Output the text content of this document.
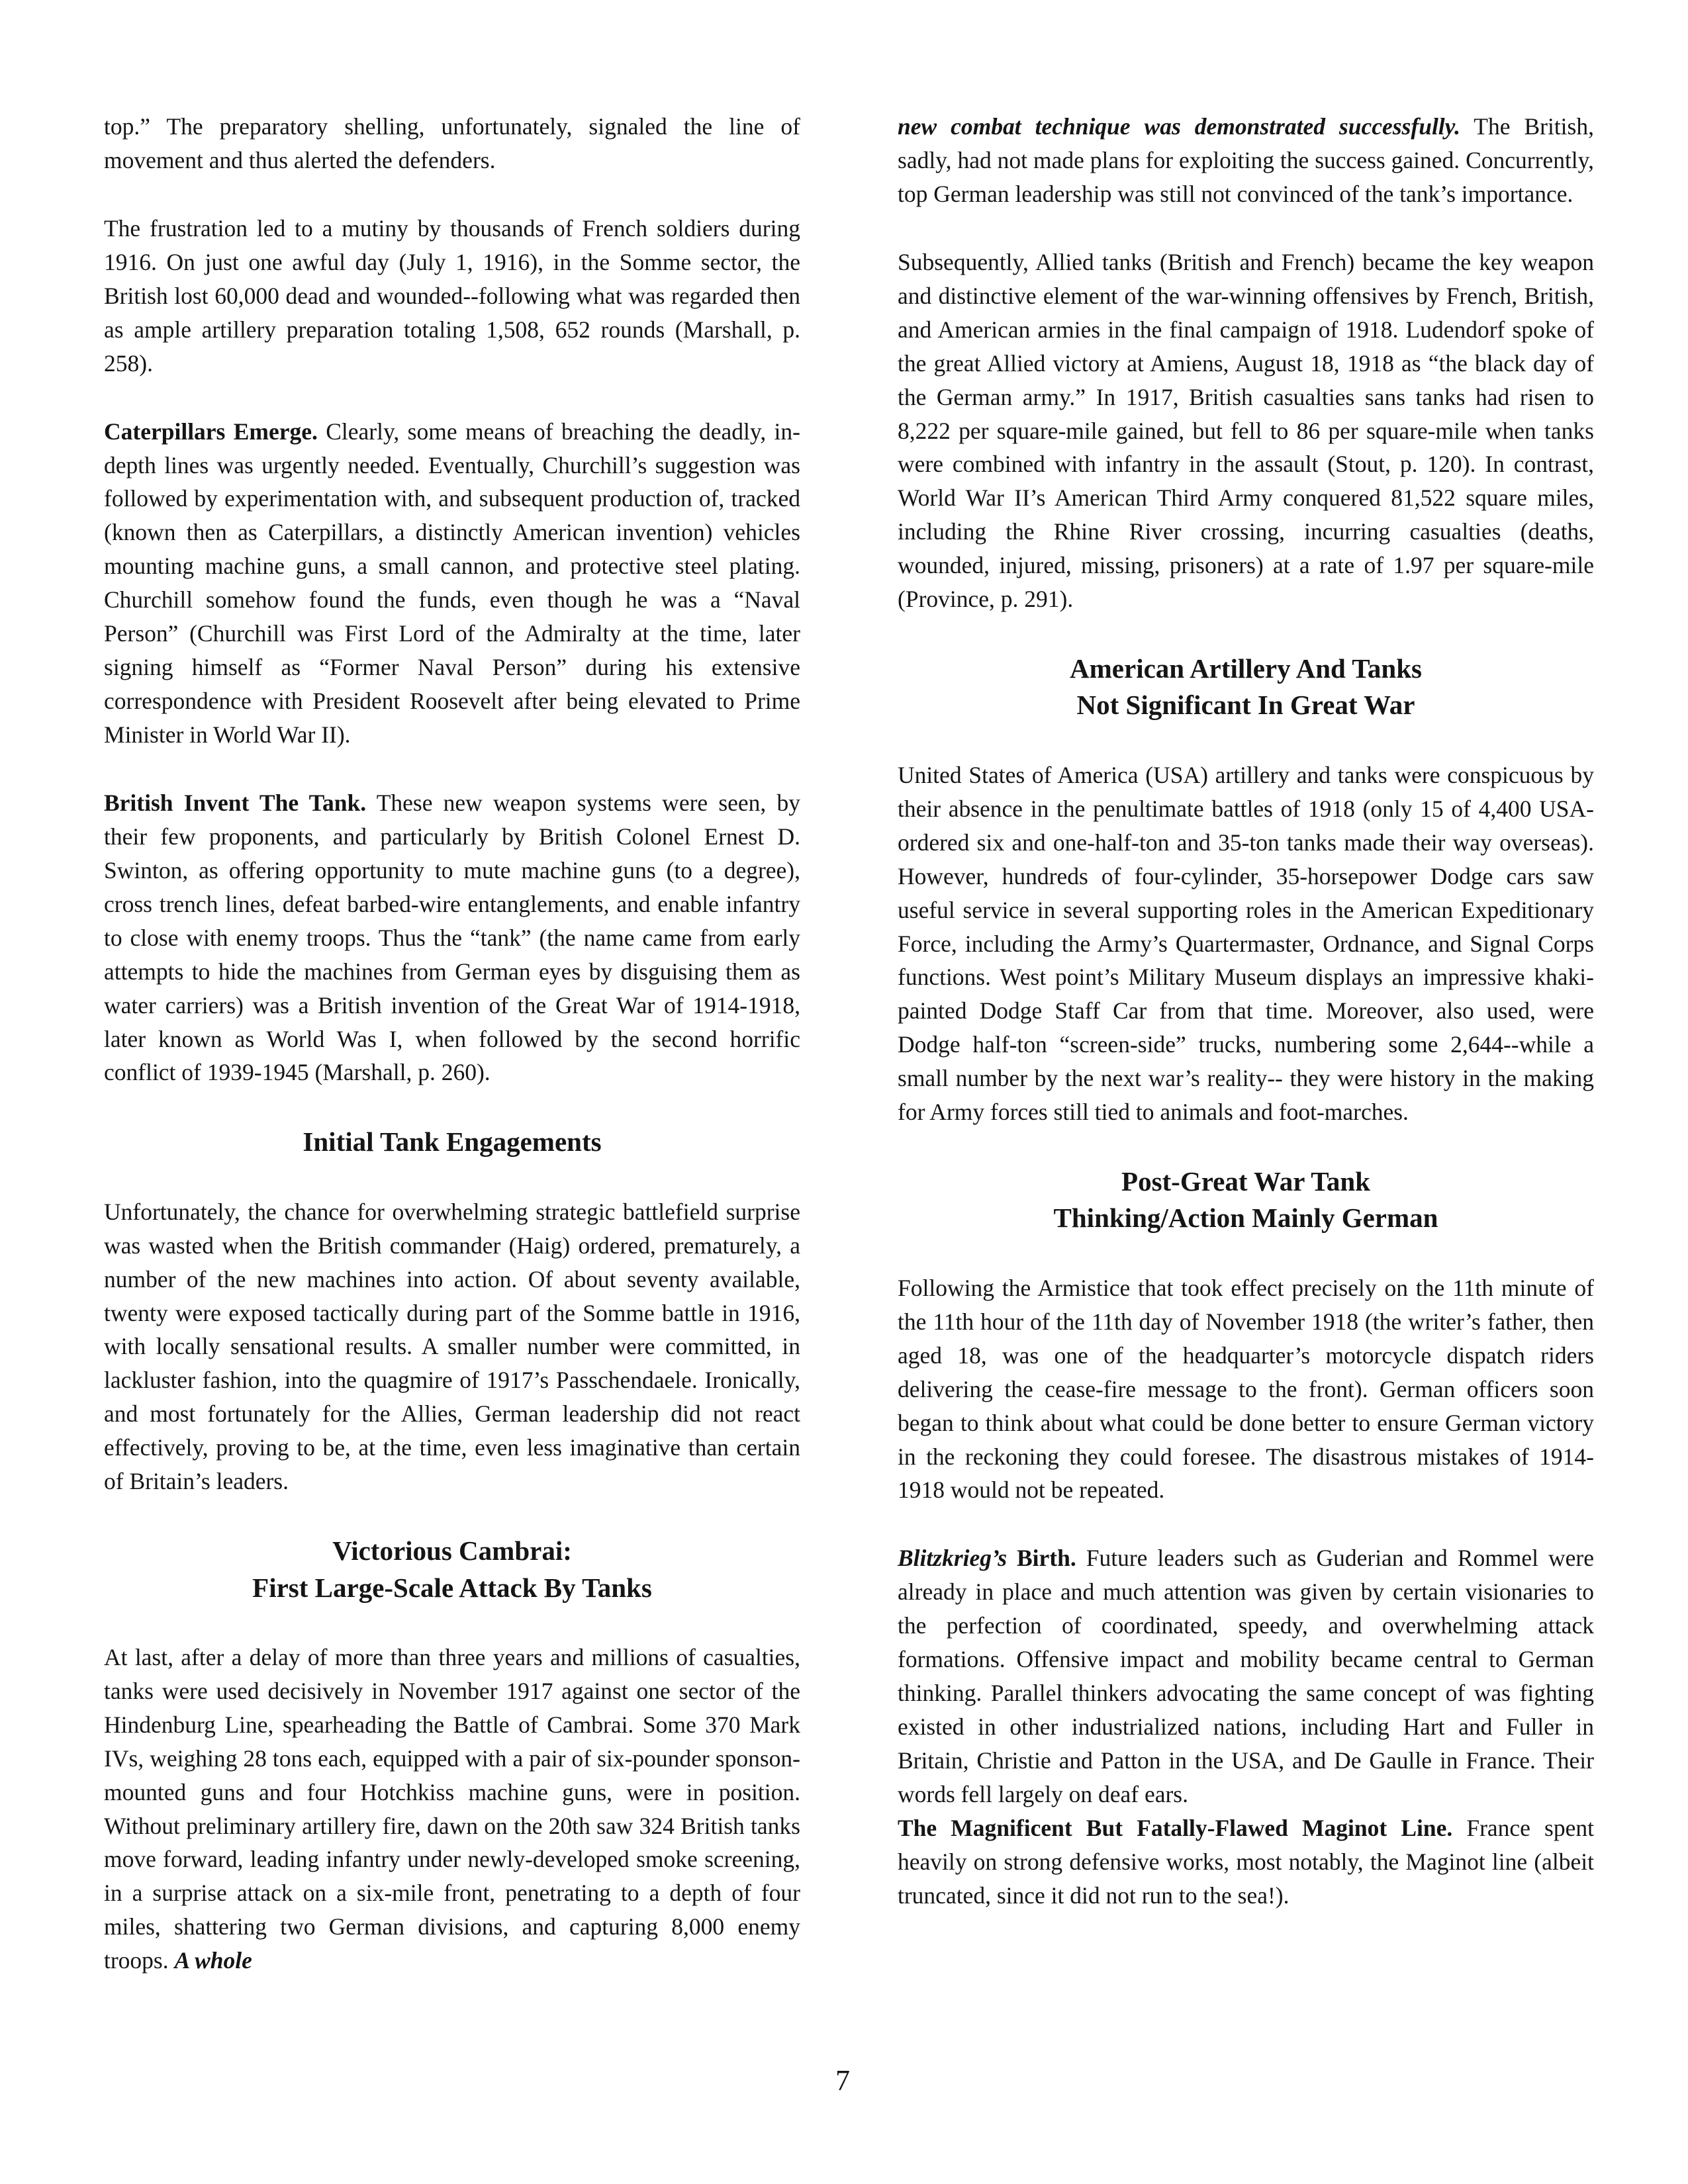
top.” The preparatory shelling, unfortunately, signaled the line of movement and thus alerted the defenders.

The frustration led to a mutiny by thousands of French soldiers during 1916. On just one awful day (July 1, 1916), in the Somme sector, the British lost 60,000 dead and wounded--following what was regarded then as ample artillery preparation totaling 1,508, 652 rounds (Marshall, p. 258).

Caterpillars Emerge. Clearly, some means of breaching the deadly, in-depth lines was urgently needed. Eventually, Churchill’s suggestion was followed by experimentation with, and subsequent production of, tracked (known then as Caterpillars, a distinctly American invention) vehicles mounting machine guns, a small cannon, and protective steel plating. Churchill somehow found the funds, even though he was a “Naval Person” (Churchill was First Lord of the Admiralty at the time, later signing himself as “Former Naval Person” during his extensive correspondence with President Roosevelt after being elevated to Prime Minister in World War II).

British Invent The Tank. These new weapon systems were seen, by their few proponents, and particularly by British Colonel Ernest D. Swinton, as offering opportunity to mute machine guns (to a degree), cross trench lines, defeat barbed-wire entanglements, and enable infantry to close with enemy troops. Thus the “tank” (the name came from early attempts to hide the machines from German eyes by disguising them as water carriers) was a British invention of the Great War of 1914-1918, later known as World Was I, when followed by the second horrific conflict of 1939-1945 (Marshall, p. 260).

Initial Tank Engagements

Unfortunately, the chance for overwhelming strategic battlefield surprise was wasted when the British commander (Haig) ordered, prematurely, a number of the new machines into action. Of about seventy available, twenty were exposed tactically during part of the Somme battle in 1916, with locally sensational results. A smaller number were committed, in lackluster fashion, into the quagmire of 1917’s Passchendaele. Ironically, and most fortunately for the Allies, German leadership did not react effectively, proving to be, at the time, even less imaginative than certain of Britain’s leaders.

Victorious Cambrai:
First Large-Scale Attack By Tanks

At last, after a delay of more than three years and millions of casualties, tanks were used decisively in November 1917 against one sector of the Hindenburg Line, spearheading the Battle of Cambrai. Some 370 Mark IVs, weighing 28 tons each, equipped with a pair of six-pounder sponson-mounted guns and four Hotchkiss machine guns, were in position. Without preliminary artillery fire, dawn on the 20th saw 324 British tanks move forward, leading infantry under newly-developed smoke screening, in a surprise attack on a six-mile front, penetrating to a depth of four miles, shattering two German divisions, and capturing 8,000 enemy troops. A whole

new combat technique was demonstrated successfully. The British, sadly, had not made plans for exploiting the success gained. Concurrently, top German leadership was still not convinced of the tank’s importance.

Subsequently, Allied tanks (British and French) became the key weapon and distinctive element of the war-winning offensives by French, British, and American armies in the final campaign of 1918. Ludendorf spoke of the great Allied victory at Amiens, August 18, 1918 as “the black day of the German army.” In 1917, British casualties sans tanks had risen to 8,222 per square-mile gained, but fell to 86 per square-mile when tanks were combined with infantry in the assault (Stout, p. 120). In contrast, World War II’s American Third Army conquered 81,522 square miles, including the Rhine River crossing, incurring casualties (deaths, wounded, injured, missing, prisoners) at a rate of 1.97 per square-mile (Province, p. 291).

American Artillery And Tanks
Not Significant In Great War

United States of America (USA) artillery and tanks were conspicuous by their absence in the penultimate battles of 1918 (only 15 of 4,400 USA-ordered six and one-half-ton and 35-ton tanks made their way overseas). However, hundreds of four-cylinder, 35-horsepower Dodge cars saw useful service in several supporting roles in the American Expeditionary Force, including the Army’s Quartermaster, Ordnance, and Signal Corps functions. West point’s Military Museum displays an impressive khaki-painted Dodge Staff Car from that time. Moreover, also used, were Dodge half-ton “screen-side” trucks, numbering some 2,644--while a small number by the next war’s reality-- they were history in the making for Army forces still tied to animals and foot-marches.

Post-Great War Tank
Thinking/Action Mainly German

Following the Armistice that took effect precisely on the 11th minute of the 11th hour of the 11th day of November 1918 (the writer’s father, then aged 18, was one of the headquarter’s motorcycle dispatch riders delivering the cease-fire message to the front). German officers soon began to think about what could be done better to ensure German victory in the reckoning they could foresee. The disastrous mistakes of 1914-1918 would not be repeated.

Blitzkrieg’s Birth. Future leaders such as Guderian and Rommel were already in place and much attention was given by certain visionaries to the perfection of coordinated, speedy, and overwhelming attack formations. Offensive impact and mobility became central to German thinking. Parallel thinkers advocating the same concept of was fighting existed in other industrialized nations, including Hart and Fuller in Britain, Christie and Patton in the USA, and De Gaulle in France. Their words fell largely on deaf ears.

The Magnificent But Fatally-Flawed Maginot Line. France spent heavily on strong defensive works, most notably, the Maginot line (albeit truncated, since it did not run to the sea!).

7
